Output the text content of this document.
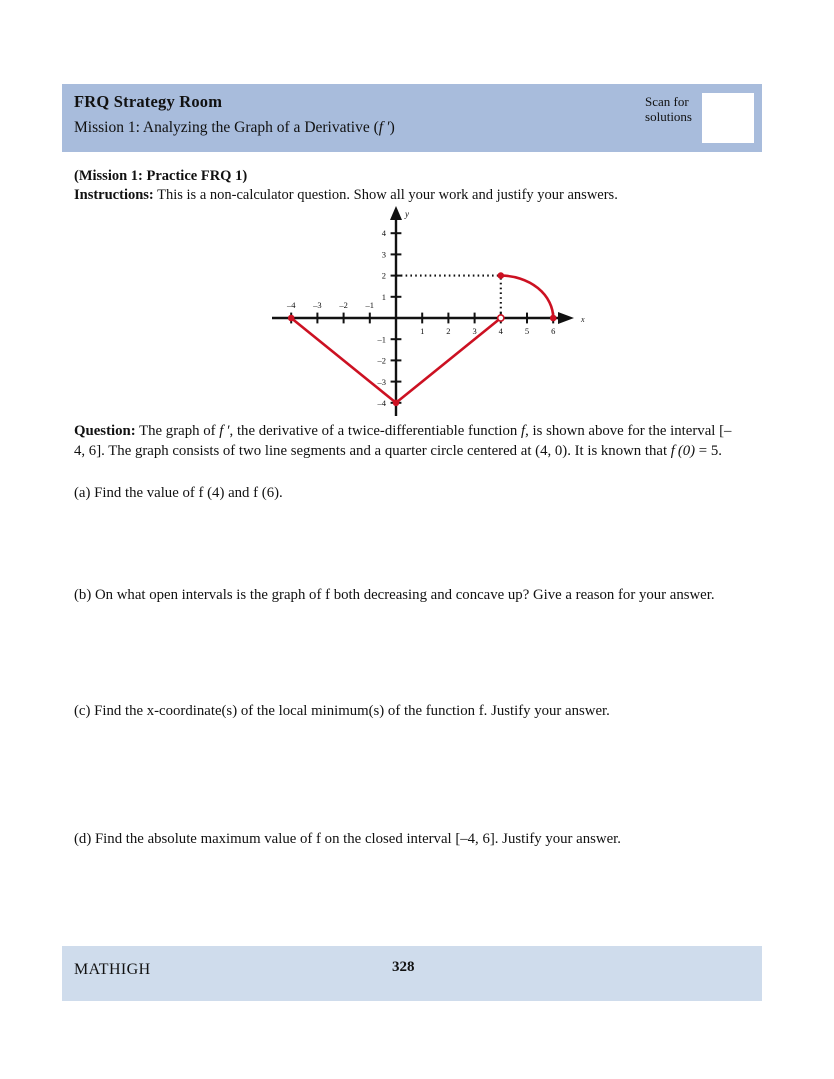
FRQ Strategy Room
Mission 1: Analyzing the Graph of a Derivative (f ′)
Scan for
solutions
(Mission 1: Practice FRQ 1)
Instructions: This is a non-calculator question. Show all your work and justify your answers.
y
x
–4 –3 –2 –1
1	2	3	4	5	6
4
3
2
1
–1
–2
–3
–4
Question: The graph of f ′, the derivative of a twice-differentiable function f, is shown above for the interval [–4, 6]. The graph consists of two line segments and a quarter circle centered at (4, 0). It is known that f (0) = 5.
(a) Find the value of f (4) and f (6).
(b) On what open intervals is the graph of f both decreasing and concave up? Give a reason for your answer.
(c) Find the x-coordinate(s) of the local minimum(s) of the function f. Justify your answer.
(d) Find the absolute maximum value of f on the closed interval [–4, 6]. Justify your answer.
MATHIGH	328
